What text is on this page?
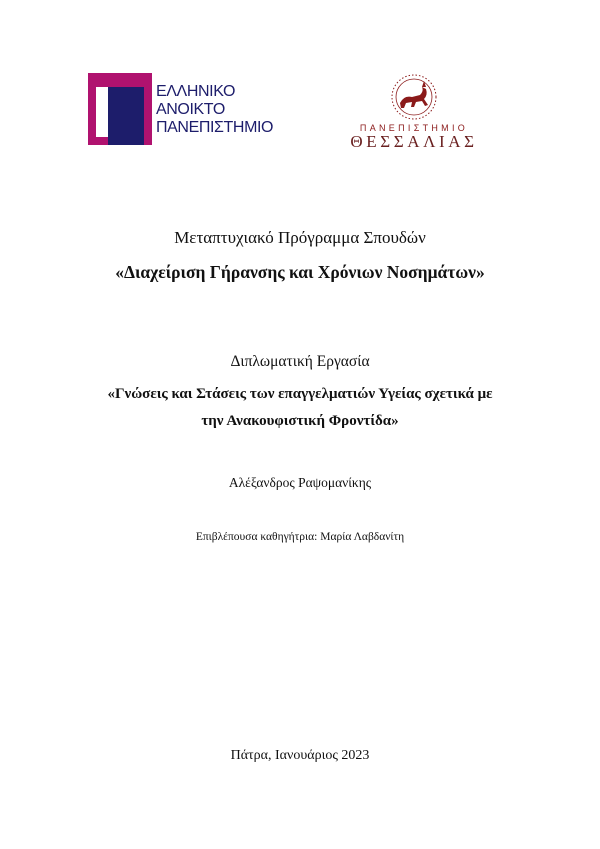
ΕΛΛΗΝΙΚΟ
ΑΝΟΙΚΤΟ
ΠΑΝΕΠΙΣΤΗΜΙΟ	ΠΑΝΕΠΙΣΤΗΜΙΟ
ΘΕΣΣΑΛΙΑΣ
Μεταπτυχιακό Πρόγραμμα Σπουδών
«Διαχείριση Γήρανσης και Χρόνιων Νοσημάτων»
Διπλωματική Εργασία
«Γνώσεις και Στάσεις των επαγγελματιών Υγείας σχετικά με
την Ανακουφιστική Φροντίδα»
Αλέξανδρος Ραψομανίκης
Επιβλέπουσα καθηγήτρια: Μαρία Λαβδανίτη
Πάτρα, Ιανουάριος 2023
